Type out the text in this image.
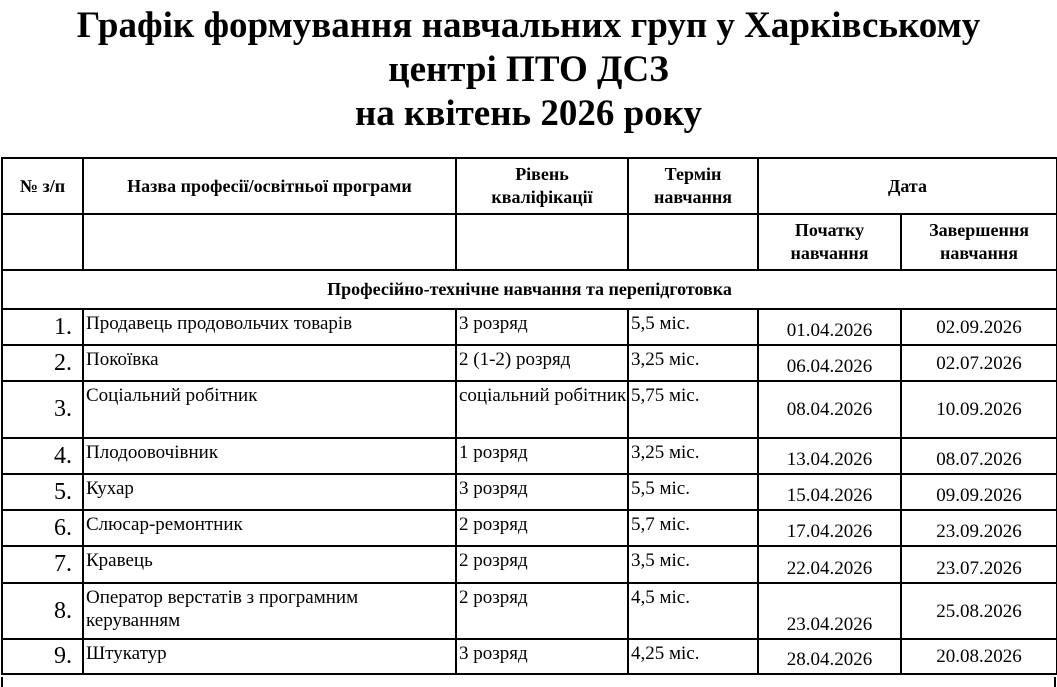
Графік формування навчальних груп у Харківському
центрі ПТО ДСЗ
на квітень 2026 року
№ з/п	Назва професії/освітньої програми	Рівень кваліфікації	Термін навчання	Дата	
				Початку навчання	Завершення навчання
Професійно-технічне навчання та перепідготовка					
1.	Продавець продовольчих товарів	3 розряд	5,5 міс.	01.04.2026	02.09.2026
2.	Покоївка	2 (1-2) розряд	3,25 міс.	06.04.2026	02.07.2026
3.	Соціальний робітник	соціальний робітник	5,75 міс.	08.04.2026	10.09.2026
4.	Плодоовочівник	1 розряд	3,25 міс.	13.04.2026	08.07.2026
5.	Кухар	3 розряд	5,5 міс.	15.04.2026	09.09.2026
6.	Слюсар-ремонтник	2 розряд	5,7 міс.	17.04.2026	23.09.2026
7.	Кравець	2 розряд	3,5 міс.	22.04.2026	23.07.2026
8.	Оператор верстатів з програмним керуванням	2 розряд	4,5 міс.	23.04.2026	25.08.2026
9.	Штукатур	3 розряд	4,25 міс.	28.04.2026	20.08.2026
